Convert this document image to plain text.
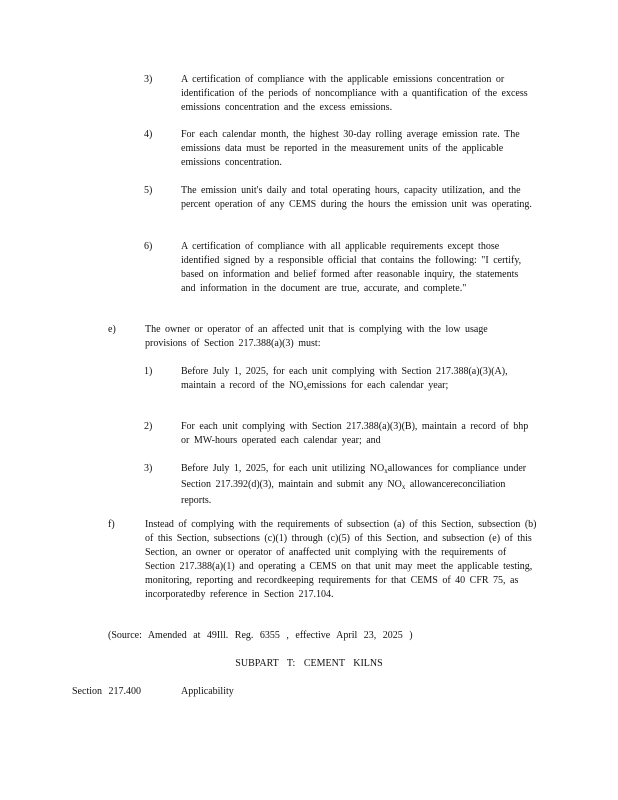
3)	A certification of compliance with the applicable emissions concentration or identification of the periods of noncompliance with a quantification of the excess emissions concentration and the excess emissions.
4)	For each calendar month, the highest 30-day rolling average emission rate. The emissions data must be reported in the measurement units of the applicable emissions concentration.
5)	The emission unit's daily and total operating hours, capacity utilization, and the percent operation of any CEMS during the hours the emission unit was operating.
6)	A certification of compliance with all applicable requirements except those identified signed by a responsible official that contains the following: "I certify, based on information and belief formed after reasonable inquiry, the statements and information in the document are true, accurate, and complete."
e)	The owner or operator of an affected unit that is complying with the low usage provisions of Section 217.388(a)(3) must:
1)	Before July 1, 2025, for each unit complying with Section 217.388(a)(3)(A), maintain a record of the $NO_xemissions$ for each calendar year;
2)	For each unit complying with Section 217.388(a)(3)(B), maintain a record of bhp or MW-hours operated each calendar year; and
3)	Before July 1, 2025, for each unit utilizing $NO_xallowances$ for compliance under Section 217.392(d)(3), maintain and submit any $NO_x$ allowancereconciliation reports.
f)	Instead of complying with the requirements of subsection (a) of this Section, subsection (b) of this Section, subsections (c)(1) through (c)(5) of this Section, and subsection (e) of this Section, an owner or operator of anaffected unit complying with the requirements of Section 217.388(a)(1) and operating a CEMS on that unit may meet the applicable testing, monitoring, reporting and recordkeeping requirements for that CEMS of 40 CFR 75, as incorporatedby reference in Section 217.104.
(Source: Amended at 49Ill. Reg. 6355 , effective April 23, 2025 )
SUBPART T: CEMENT KILNS
Section 217.400	Applicability
